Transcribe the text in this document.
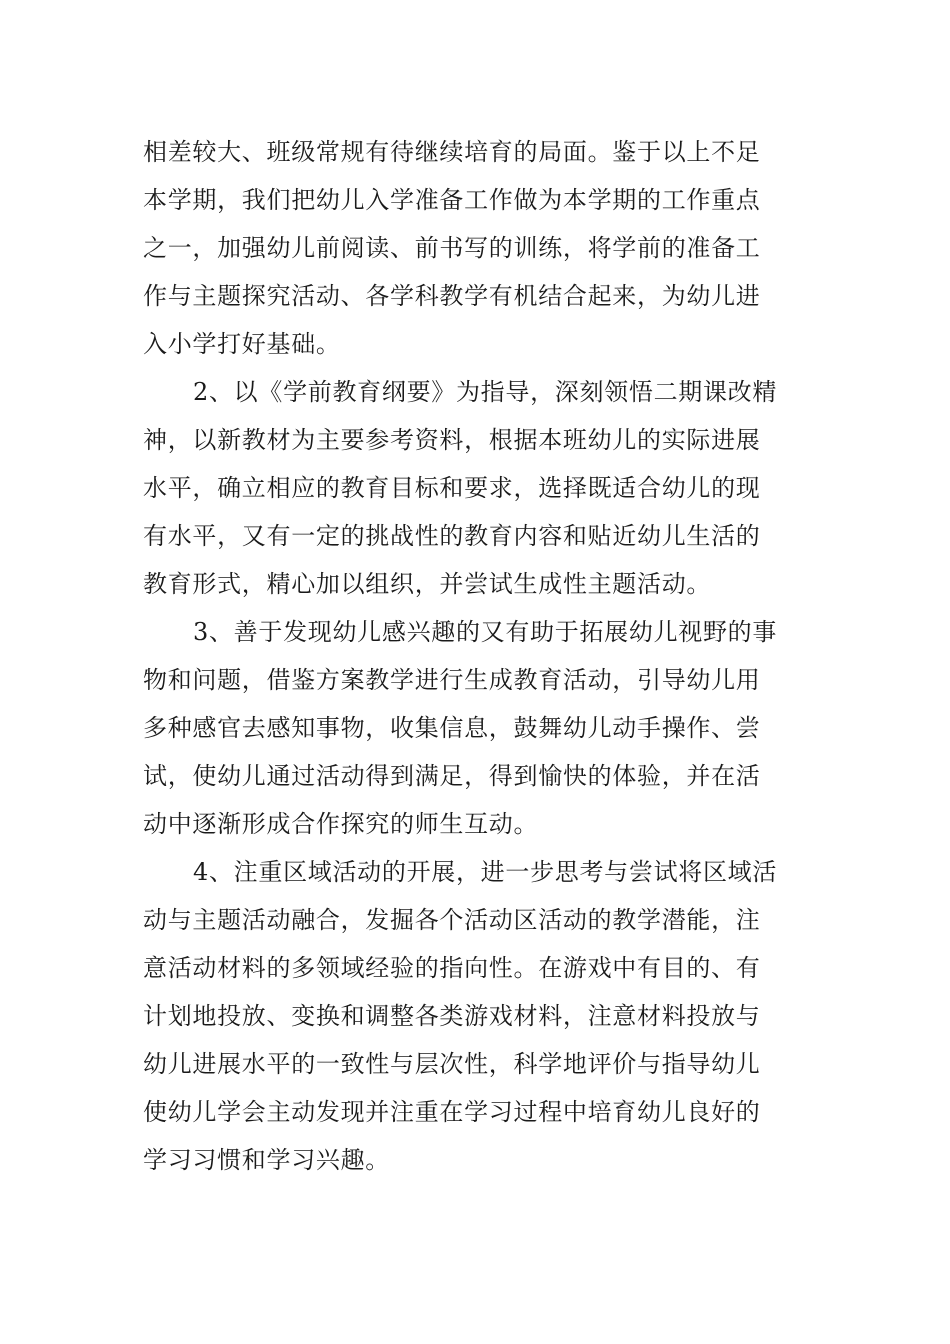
相差较大、班级常规有待继续培育的局面。鉴于以上不足
本学期，我们把幼儿入学准备工作做为本学期的工作重点
之一，加强幼儿前阅读、前书写的训练，将学前的准备工
作与主题探究活动、各学科教学有机结合起来，为幼儿进
入小学打好基础。
2、以《学前教育纲要》为指导，深刻领悟二期课改精
神，以新教材为主要参考资料，根据本班幼儿的实际进展
水平，确立相应的教育目标和要求，选择既适合幼儿的现
有水平，又有一定的挑战性的教育内容和贴近幼儿生活的
教育形式，精心加以组织，并尝试生成性主题活动。
3、善于发现幼儿感兴趣的又有助于拓展幼儿视野的事
物和问题，借鉴方案教学进行生成教育活动，引导幼儿用
多种感官去感知事物，收集信息，鼓舞幼儿动手操作、尝
试，使幼儿通过活动得到满足，得到愉快的体验，并在活
动中逐渐形成合作探究的师生互动。
4、注重区域活动的开展，进一步思考与尝试将区域活
动与主题活动融合，发掘各个活动区活动的教学潜能，注
意活动材料的多领域经验的指向性。在游戏中有目的、有
计划地投放、变换和调整各类游戏材料，注意材料投放与
幼儿进展水平的一致性与层次性，科学地评价与指导幼儿
使幼儿学会主动发现并注重在学习过程中培育幼儿良好的
学习习惯和学习兴趣。
